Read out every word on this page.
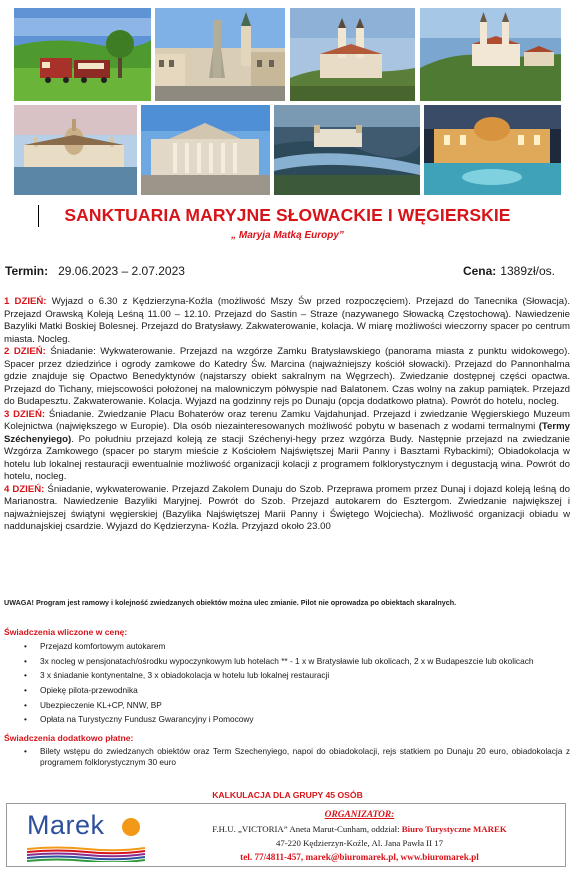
SANKTUARIA MARYJNE SŁOWACKIE I WĘGIERSKIE
„ Maryja Matką Europy”
Termin: 29.06.2023 – 2.07.2023	Cena: 1389zł/os.

1 DZIEŃ: Wyjazd o 6.30 z Kędzierzyna-Koźla (możliwość Mszy Św przed rozpoczęciem). Przejazd do Tanecnika (Słowacja). Przejazd Orawską Koleją Leśną 11.00 – 12.10. Przejazd do Sastin – Straze (nazywanego Słowacką Częstochową). Nawiedzenie Bazyliki Matki Boskiej Bolesnej. Przejazd do Bratysławy. Zakwaterowanie, kolacja. W miarę możliwości wieczorny spacer po centrum miasta. Nocleg.

2 DZIEŃ: Śniadanie: Wykwaterowanie. Przejazd na wzgórze Zamku Bratysławskiego (panorama miasta z punktu widokowego). Spacer przez dziedzińce i ogrody zamkowe do Katedry Św. Marcina (najważniejszy kościół słowacki). Przejazd do Pannonhalma gdzie znajduje się Opactwo Benedyktynów (najstarszy obiekt sakralnym na Węgrzech). Zwiedzanie dostępnej części opactwa. Przejazd do Tichany, miejscowości położonej na malowniczym półwyspie nad Balatonem. Czas wolny na zakup pamiątek. Przejazd do Budapesztu. Zakwaterowanie. Kolacja. Wyjazd na godzinny rejs po Dunaju (opcja dodatkowo płatna). Powrót do hotelu, nocleg.

3 DZIEŃ: Śniadanie. Zwiedzanie Placu Bohaterów oraz terenu Zamku Vajdahunjad. Przejazd i zwiedzanie Węgierskiego Muzeum Kolejnictwa (największego w Europie). Dla osób niezainteresowanych możliwość pobytu w basenach z wodami termalnymi (Termy Széchenyiego). Po południu przejazd koleją ze stacji Széchenyi-hegy przez wzgórza Budy. Następnie przejazd na zwiedzanie Wzgórza Zamkowego (spacer po starym mieście z Kościołem Najświętszej Marii Panny i Basztami Rybackimi); Obiadokolacja w hotelu lub lokalnej restauracji ewentualnie możliwość organizacji kolacji z programem folklorystycznym i degustacją wina. Powrót do hotelu, nocleg.

4 DZIEŃ: Śniadanie, wykwaterowanie. Przejazd Zakolem Dunaju do Szob. Przeprawa promem przez Dunaj i dojazd koleją leśną do Marianostra. Nawiedzenie Bazyliki Maryjnej. Powrót do Szob. Przejazd autokarem do Esztergom. Zwiedzanie największej i najważniejszej świątyni węgierskiej (Bazylika Najświętszej Marii Panny i Świętego Wojciecha). Możliwość organizacji obiadu w naddunajskiej csardzie. Wyjazd do Kędzierzyna- Koźla. Przyjazd około 23.00

UWAGA! Program jest ramowy i kolejność zwiedzanych obiektów można ulec zmianie. Pilot nie oprowadza po obiektach skaralnych.
Świadczenia wliczone w cenę:
• Przejazd komfortowym autokarem
• 3x nocleg w pensjonatach/ośrodku wypoczynkowym lub hotelach ** - 1 x w Bratysławie lub okolicach, 2 x w Budapeszcie lub okolicach
• 3 x śniadanie kontynentalne, 3 x obiadokolacja w hotelu lub lokalnej restauracji
• Opiekę pilota-przewodnika
• Ubezpieczenie KL+CP, NNW, BP
• Opłata na Turystyczny Fundusz Gwarancyjny i Pomocowy
Świadczenia dodatkowo płatne:
• Bilety wstępu do zwiedzanych obiektów oraz Term Szechenyiego, napoi do obiadokolacji, rejs statkiem po Dunaju 20 euro, obiadokolacja z programem folklorystycznym 30 euro
KALKULACJA DLA GRUPY 45 OSÓB
Marek	ORGANIZATOR:
F.H.U. „VICTORIA” Aneta Marut-Cunham, oddział: Biuro Turystyczne MAREK
47-220 Kędzierzyn-Koźle, Al. Jana Pawła II 17
tel. 77/4811-457, marek@biuromarek.pl, www.biuromarek.pl
